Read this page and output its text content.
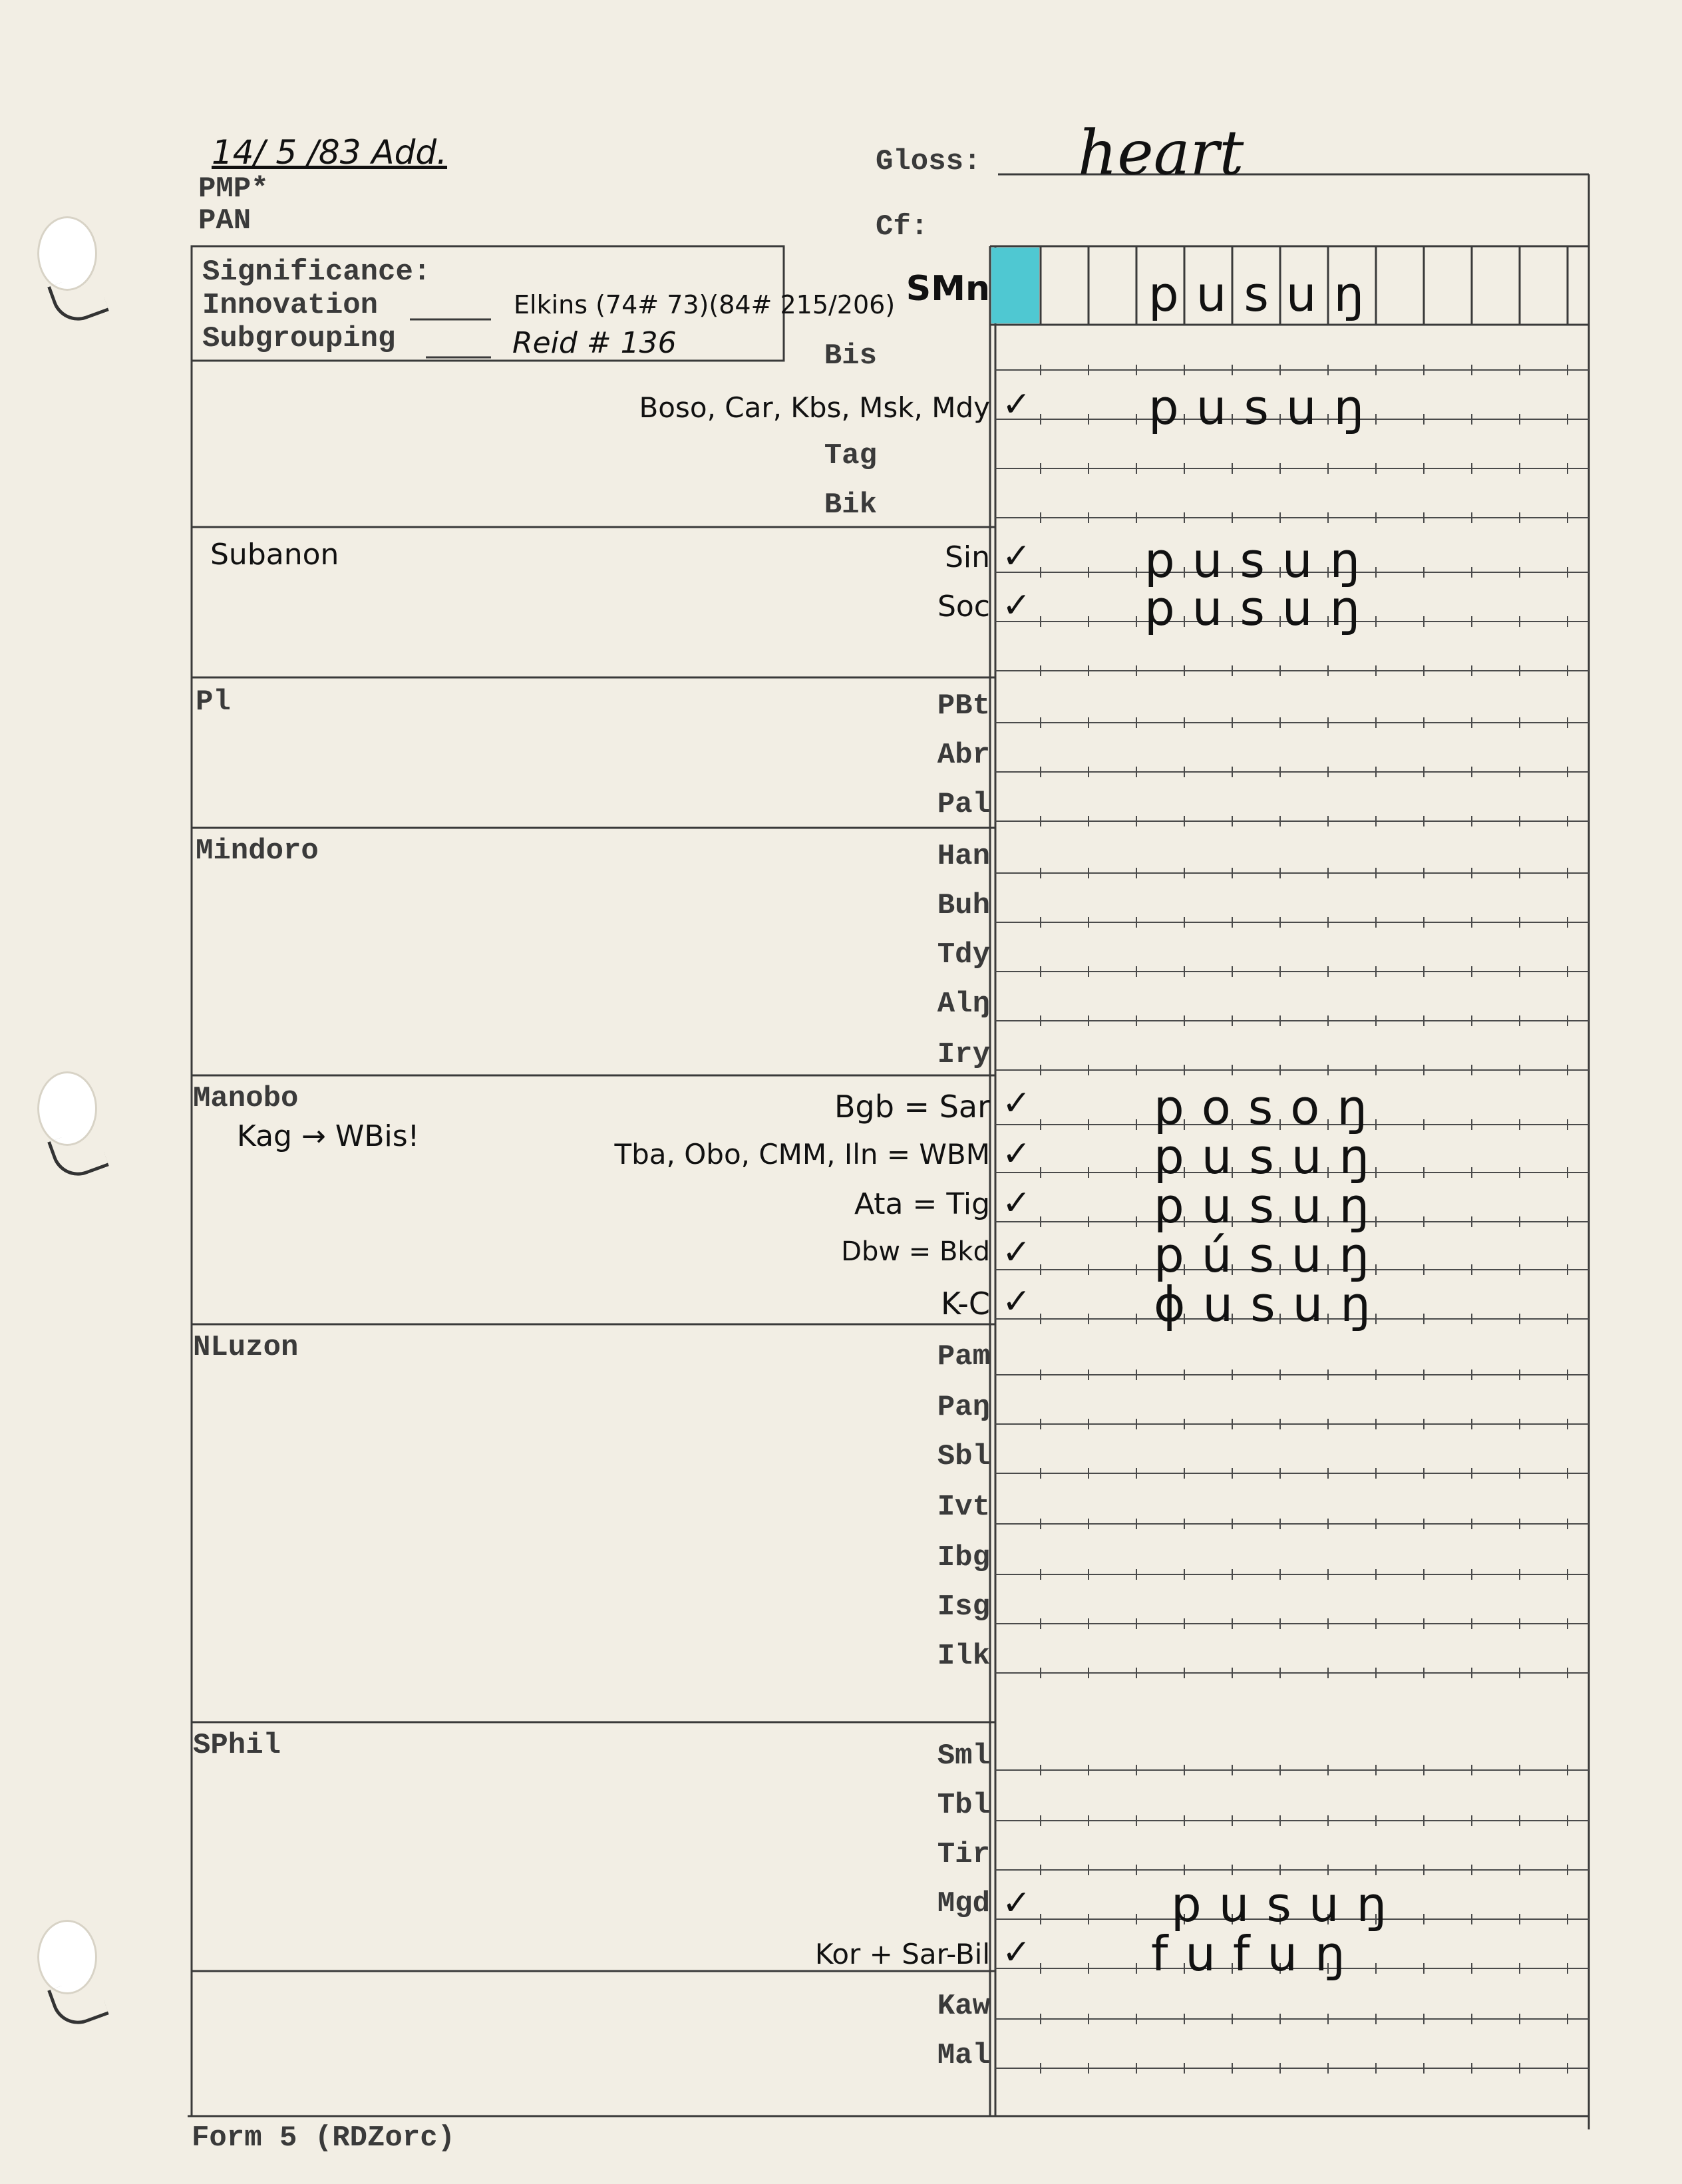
14/ 5 /83 Add.
PMP*
PAN
Gloss: heart
Cf:
Significance:
Innovation
Subgrouping
Elkins (74# 73)(84# 215/206)
Reid # 136
Subanon
Pl
Mindoro
Manobo
Kag → WBis!
NLuzon
SPhil
SMn
Bis
Boso, Car, Kbs, Msk, Mdy
Tag
Bik
Sin
Soc
PBt
Abr
Pal
Han
Buh
Tdy
Alŋ
Iry
Bgb = Sar
Tba, Obo, CMM, Iln = WBM
Ata = Tig
Dbw = Bkd
K-C
Pam
Paŋ
Sbl
Ivt
Ibg
Isg
Ilk
Sml
Tbl
Tir
Mgd
Kor + Sar-Bil
Kaw
Mal
✓
✓
✓
✓
✓
✓
✓
✓
✓
✓
pusuŋ
pusuŋ
pusuŋ
pusuŋ
posoŋ
pusuŋ
pusuŋ
púsuŋ
ɸusuŋ
pusuŋ
fufuŋ
Form 5 (RDZorc)
